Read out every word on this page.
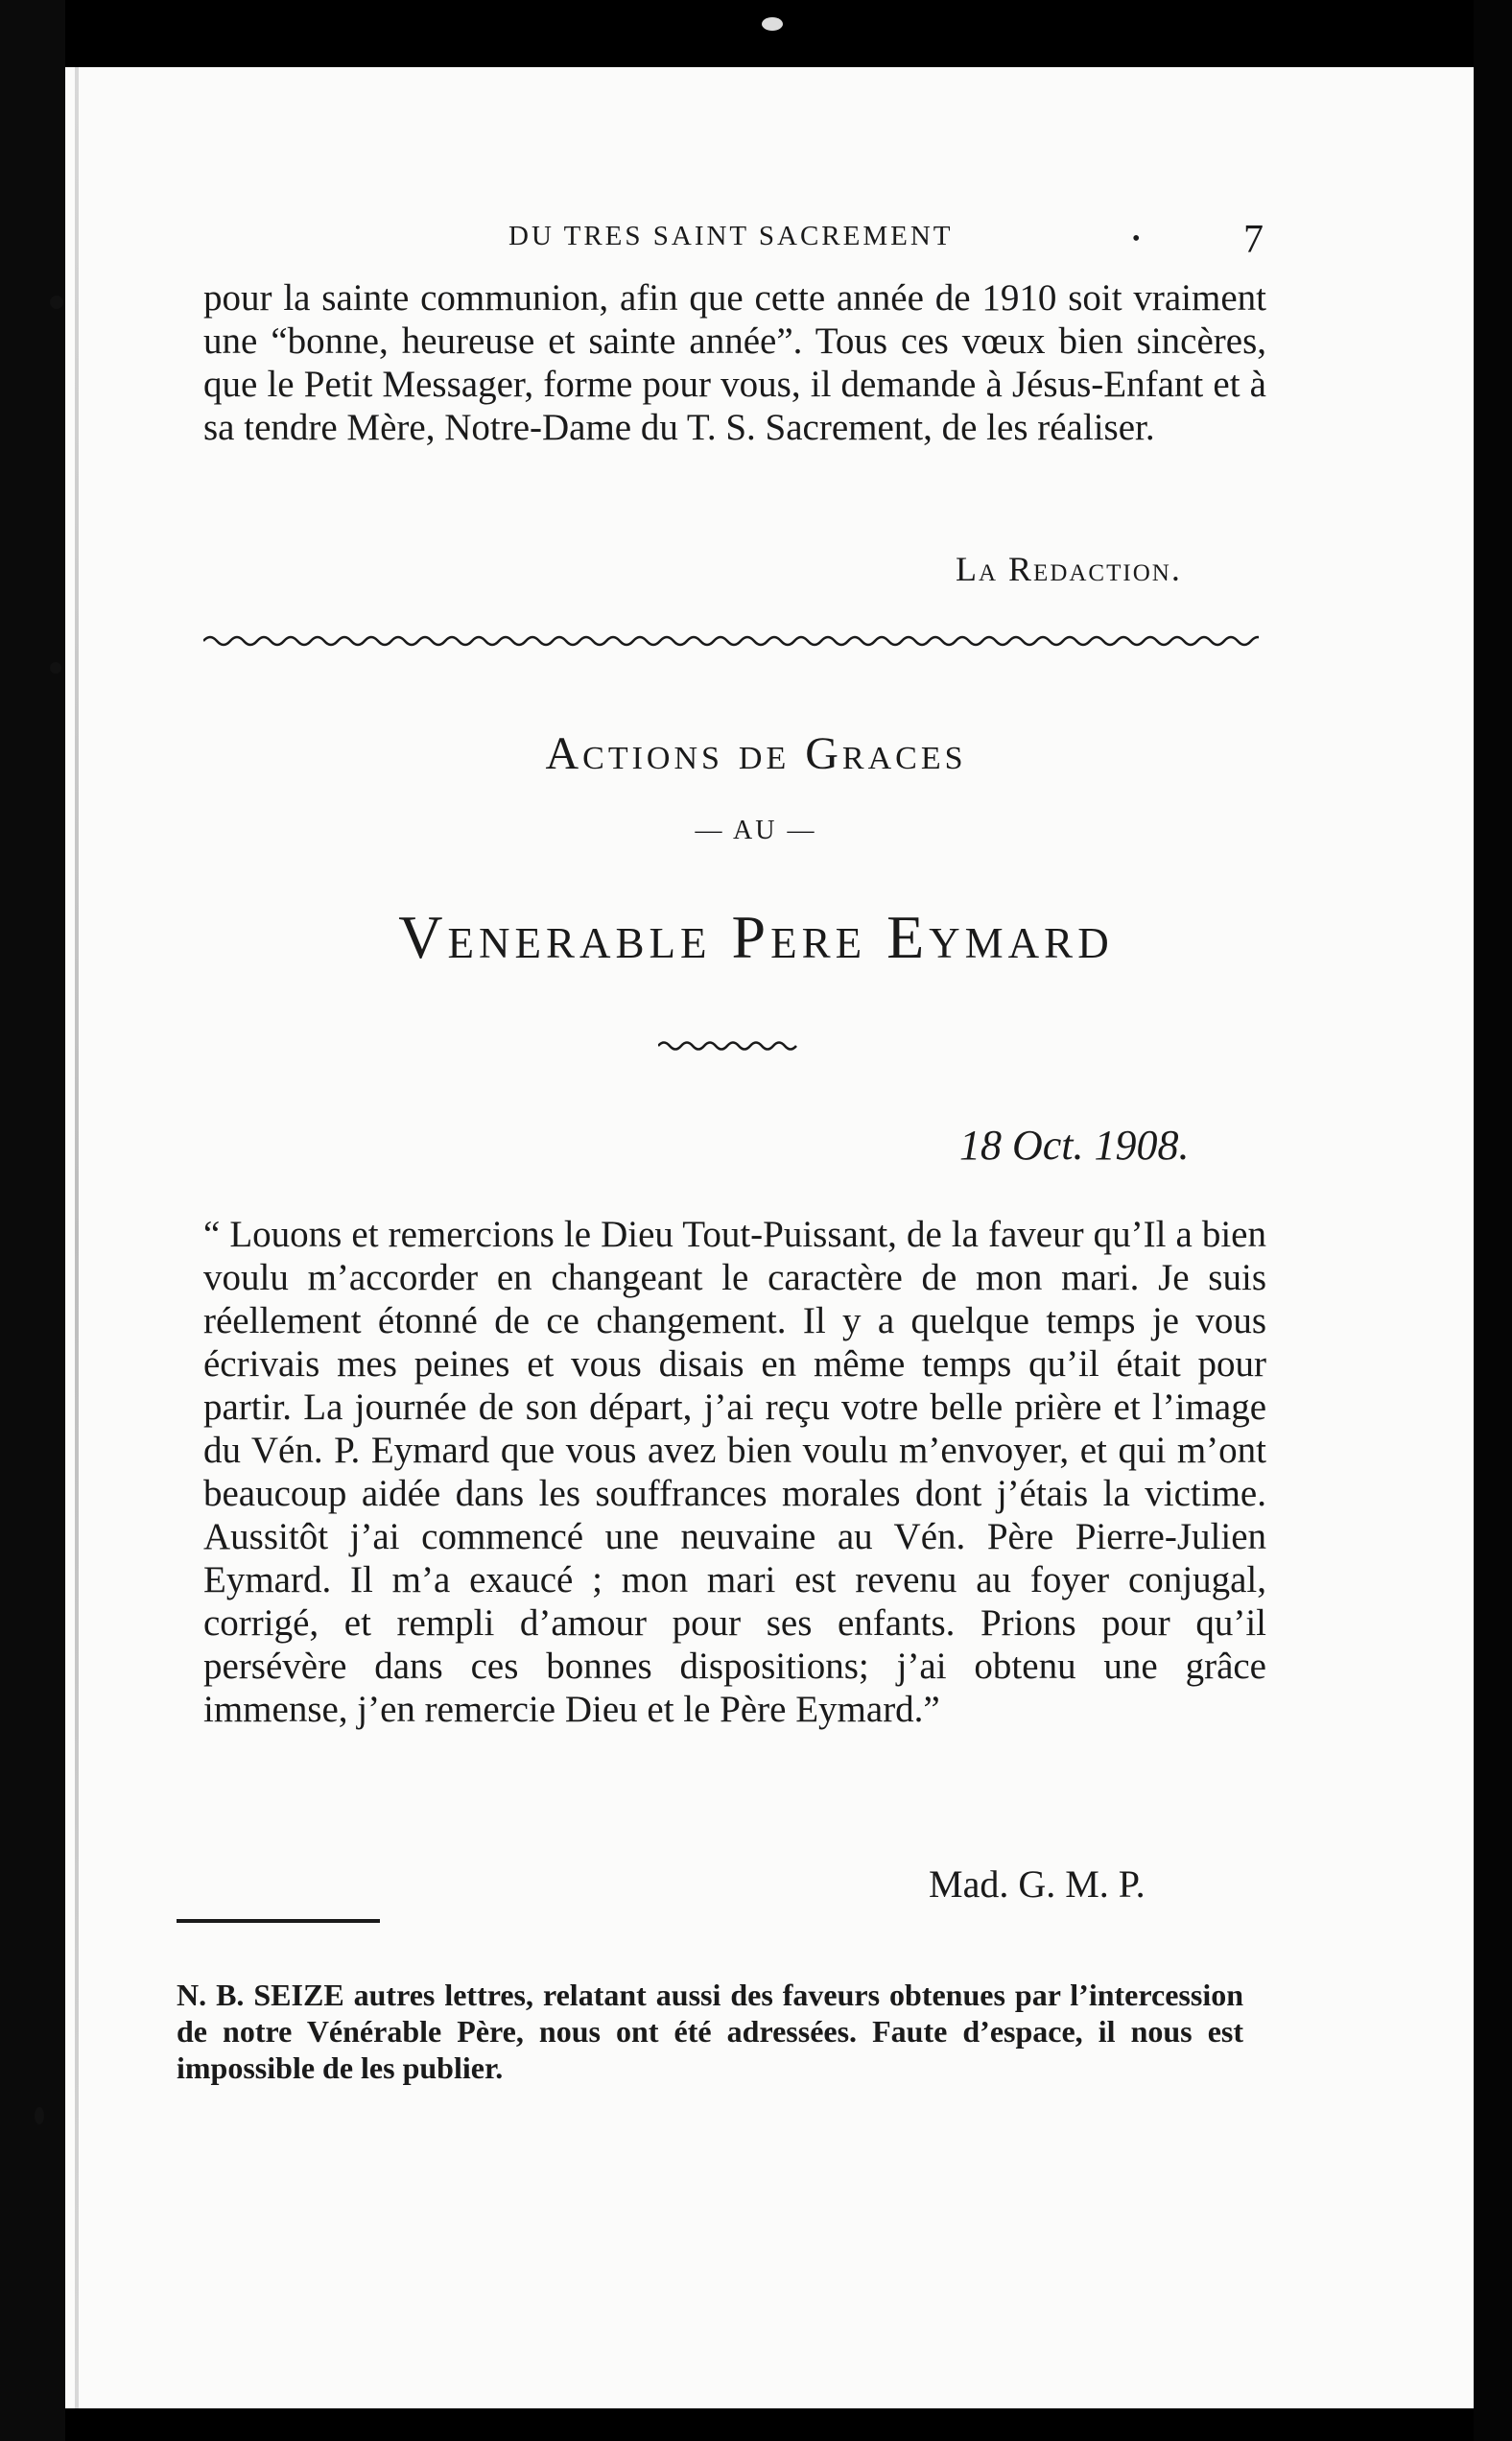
DU TRES SAINT SACREMENT	•	7

pour la sainte communion, afin que cette année de 1910 soit vraiment une “bonne, heureuse et sainte année”. Tous ces vœux bien sincères, que le Petit Messager, forme pour vous, il demande à Jésus-Enfant et à sa tendre Mère, Notre-Dame du T. S. Sacrement, de les réaliser.

La Redaction.
Actions de Graces
— AU —
Venerable Pere Eymard
18 Oct. 1908.

“ Louons et remercions le Dieu Tout-Puissant, de la faveur qu’Il a bien voulu m’accorder en changeant le caractère de mon mari. Je suis réellement étonné de ce changement. Il y a quelque temps je vous écrivais mes peines et vous disais en même temps qu’il était pour partir. La journée de son départ, j’ai reçu votre belle prière et l’image du Vén. P. Eymard que vous avez bien voulu m’envoyer, et qui m’ont beaucoup aidée dans les souffrances morales dont j’étais la victime. Aussitôt j’ai commencé une neuvaine au Vén. Père Pierre-Julien Eymard. Il m’a exaucé ; mon mari est revenu au foyer conjugal, corrigé, et rempli d’amour pour ses enfants. Prions pour qu’il persévère dans ces bonnes dispositions; j’ai obtenu une grâce immense, j’en remercie Dieu et le Père Eymard.”

Mad. G. M. P.

N. B. SEIZE autres lettres, relatant aussi des faveurs obtenues par l’intercession de notre Vénérable Père, nous ont été adressées. Faute d’espace, il nous est impossible de les publier.
